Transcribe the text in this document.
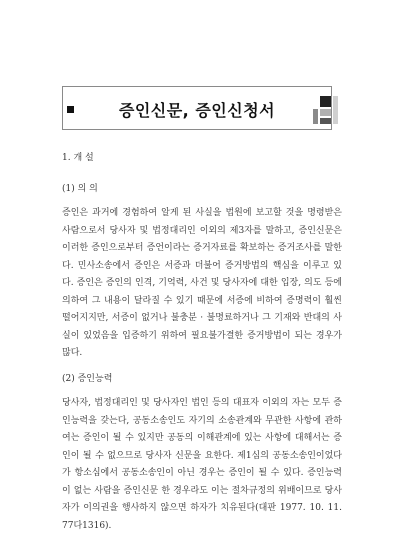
증인신문, 증인신청서

1. 개 설

(1) 의 의

증인은 과거에 경험하여 알게 된 사실을 법원에 보고할 것을 명령받은 사람으로서 당사자 및 법정대리인 이외의 제3자를 말하고, 증인신문은 이러한 증인으로부터 증언이라는 증거자료를 확보하는 증거조사를 말한다. 민사소송에서 증인은 서증과 더불어 증거방법의 핵심을 이루고 있다. 증인은 증인의 인격, 기억력, 사건 및 당사자에 대한 입장, 의도 등에 의하여 그 내용이 달라질 수 있기 때문에 서증에 비하여 증명력이 훨씬 떨어지지만, 서증이 없거나 불충분 · 불명료하거나 그 기재와 반대의 사실이 있었음을 입증하기 위하여 필요불가결한 증거방법이 되는 경우가 많다.

(2) 증인능력

당사자, 법정대리인 및 당사자인 법인 등의 대표자 이외의 자는 모두 증인능력을 갖는다, 공동소송인도 자기의 소송관계와 무관한 사항에 관하여는 증인이 될 수 있지만 공동의 이해관계에 있는 사항에 대해서는 증인이 될 수 없으므로 당사자 신문을 요한다. 제1심의 공동소송인이었다가 항소심에서 공동소송인이 아닌 경우는 증인이 될 수 있다. 증인능력이 없는 사람을 증인신문 한 경우라도 이는 절차규정의 위배이므로 당사자가 이의권을 행사하지 않으면 하자가 치유된다(대판 1977. 10. 11. 77다1316).
